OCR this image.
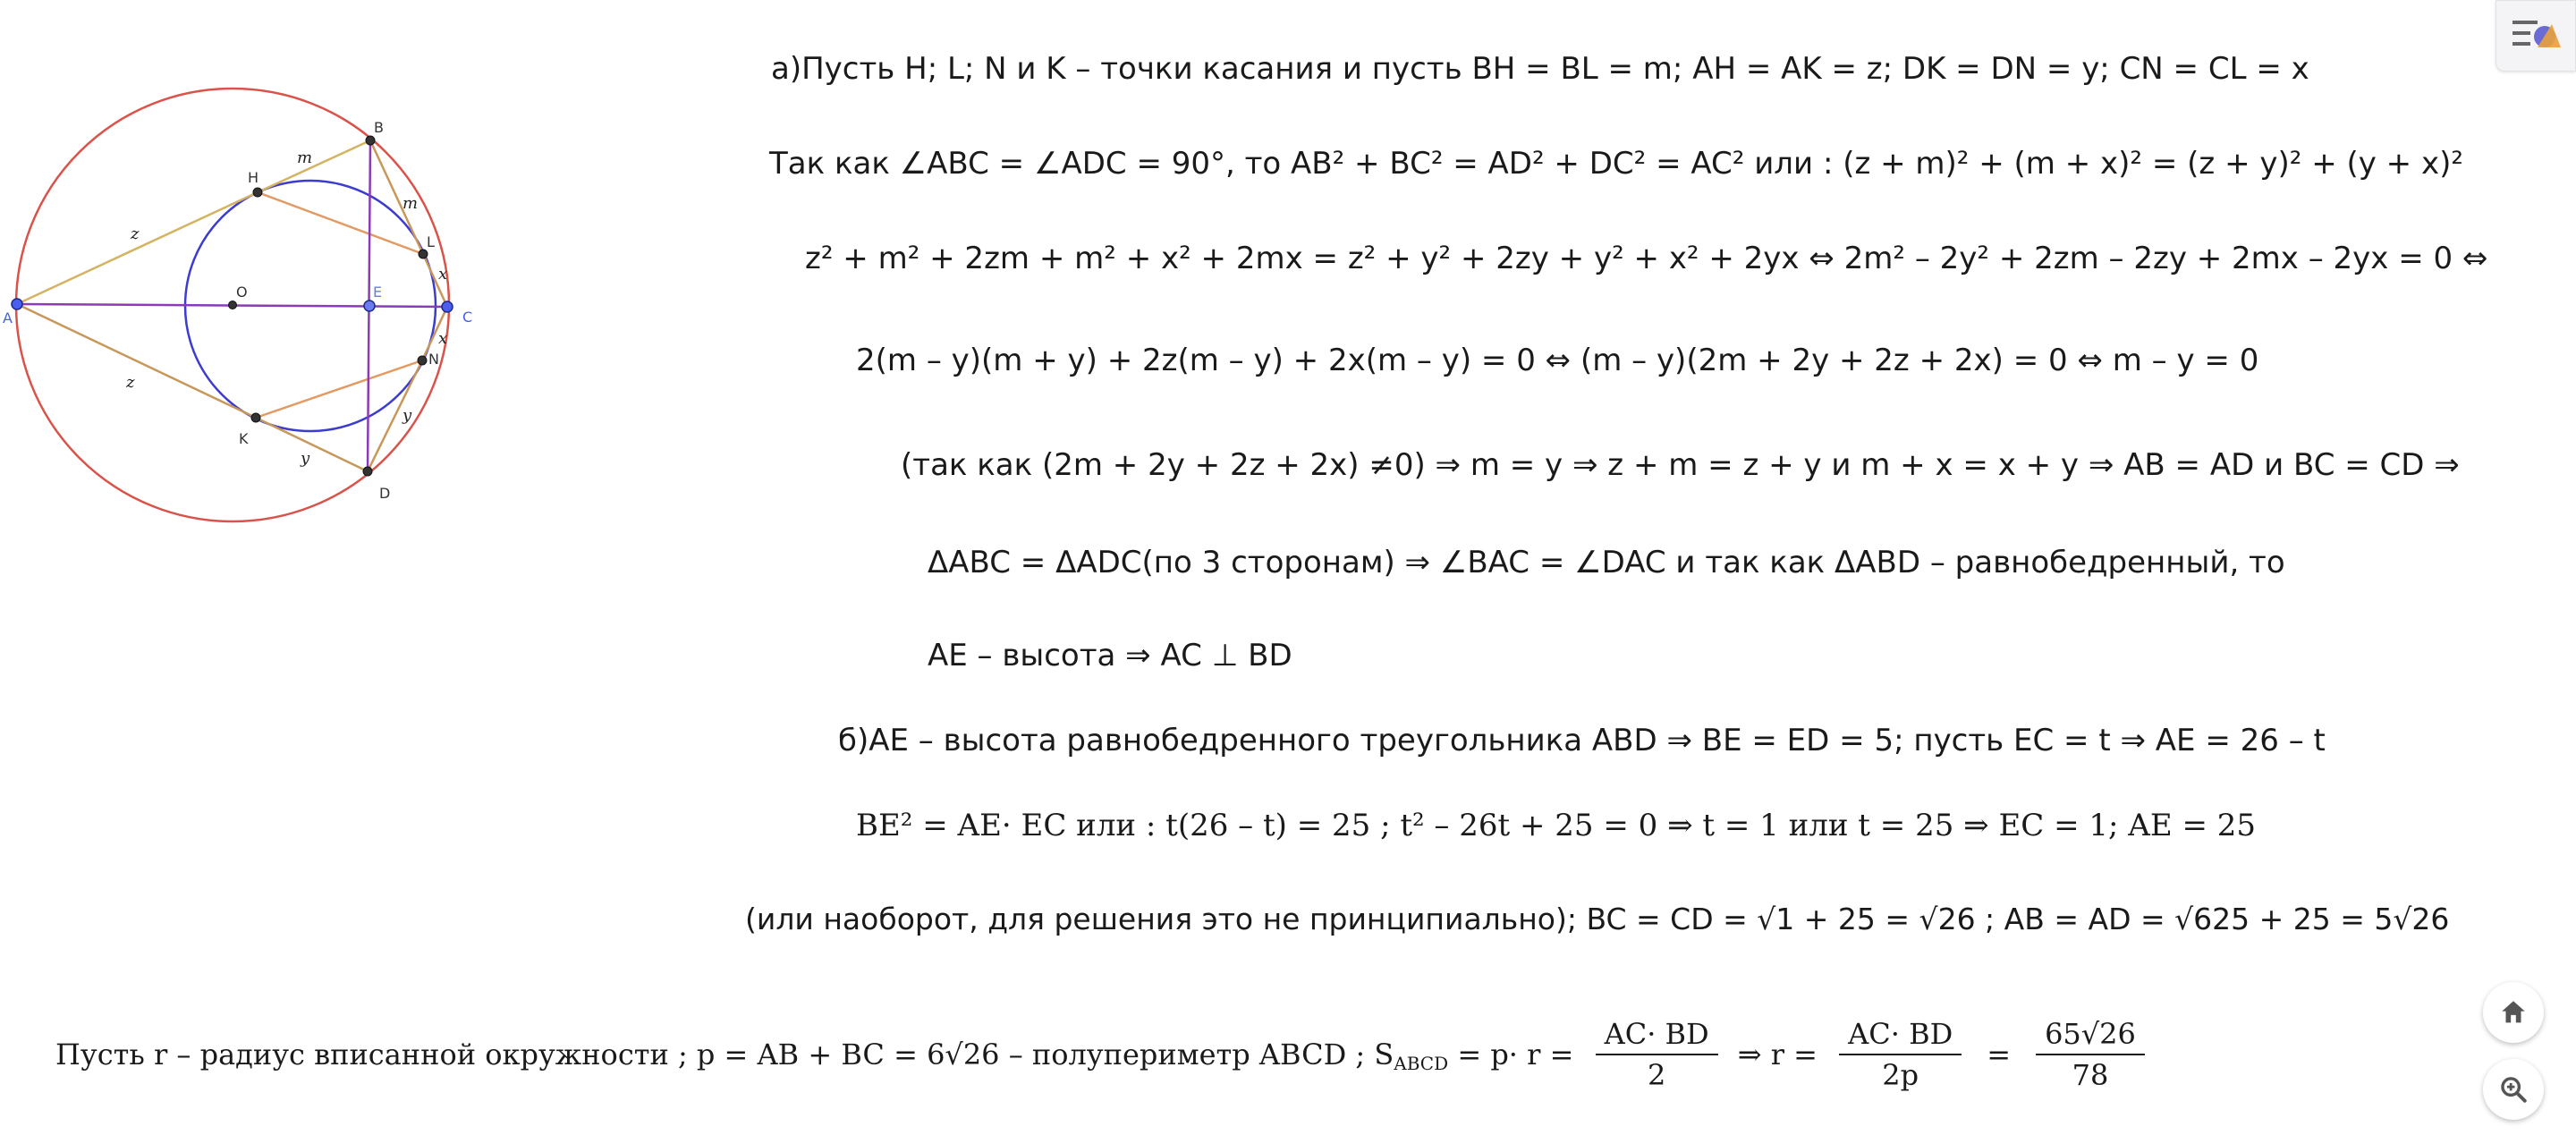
A	C
E
O
B
D
H
L
N
K
m
m
z
z
x
x
y
y
а)Пусть H; L; N и K – точки касания и пусть BH = BL = m; AH = AK = z; DK = DN = y; CN = CL = x
Так как ∠ABC = ∠ADC = 90°, то AB² + BC² = AD² + DC² = AC² или : (z + m)² + (m + x)² = (z + y)² + (y + x)²
z² + m² + 2zm + m² + x² + 2mx = z² + y² + 2zy + y² + x² + 2yx ⇔ 2m² – 2y² + 2zm – 2zy + 2mx – 2yx = 0 ⇔
2(m – y)(m + y) + 2z(m – y) + 2x(m – y) = 0 ⇔ (m – y)(2m + 2y + 2z + 2x) = 0 ⇔ m – y = 0
(так как (2m + 2y + 2z + 2x) ≠0) ⇒ m = y ⇒ z + m = z + y и m + x = x + y ⇒ AB = AD и BC = CD ⇒
ΔABC = ΔADC(по 3 сторонам) ⇒ ∠BAC = ∠DAC и так как ΔABD – равнобедренный, то
AE – высота ⇒ AC ⊥ BD
б)AE – высота равнобедренного треугольника ABD ⇒ BE = ED = 5; пусть EC = t ⇒ AE = 26 – t
BE² = AE· EC или : t(26 – t) = 25 ; t² – 26t + 25 = 0 ⇒ t = 1 или t = 25 ⇒ EC = 1; AE = 25
(или наоборот, для решения это не принципиально); BC = CD = √1 + 25 = √26 ; AB = AD = √625 + 25 = 5√26
Пусть r – радиус вписанной окружности ; p = AB + BC = 6√26 – полупериметр ABCD ; S ABCD = $p\cdot r = \frac{AC\cdot BD}{2}$ ⇒ $r = \frac{AC\cdot BD}{2p} = \frac{65√26}{78}$
